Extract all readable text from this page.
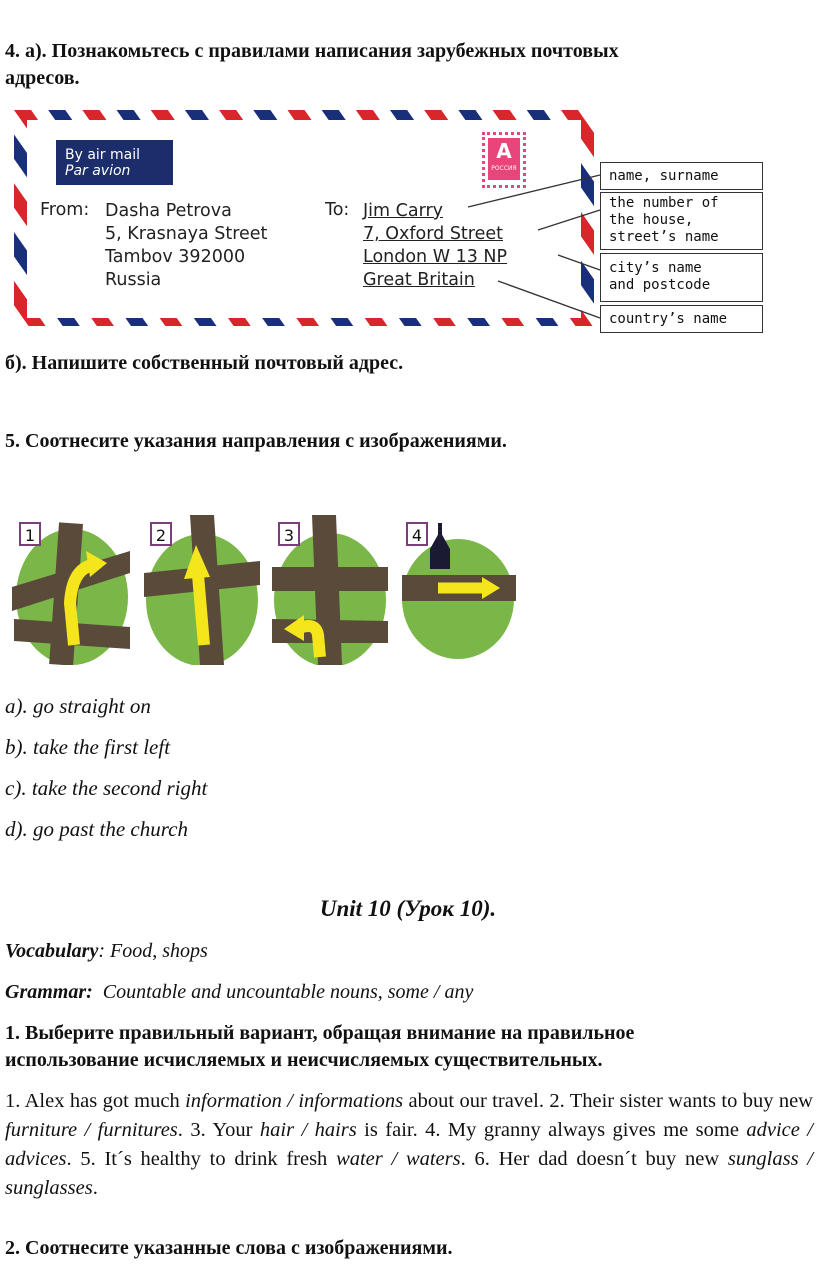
4. а). Познакомьтесь с правилами написания зарубежных почтовых
адресов.
By air mail
Par avion
A
РОССИЯ
From: Dasha Petrova
5, Krasnaya Street
Tambov 392000
Russia
To: Jim Carry
7, Oxford Street
London W 13 NP
Great Britain
name, surname
the number of
the house,
street’s name
city’s name
and postcode
country’s name
б). Напишите собственный почтовый адрес.
5. Соотнесите указания направления с изображениями.
1	2	3	4
a). go straight on
b). take the first left
c). take the second right
d). go past the church
Unit 10 (Урок 10).
Vocabulary: Food, shops
Grammar: Countable and uncountable nouns, some / any
1. Выберите правильный вариант, обращая внимание на правильное
использование исчисляемых и неисчисляемых существительных.
1. Alex has got much information / informations about our travel. 2. Their sister wants to buy new furniture / furnitures. 3. Your hair / hairs is fair. 4. My granny always gives me some advice / advices. 5. It´s healthy to drink fresh water / waters. 6. Her dad doesn´t buy new sunglass / sunglasses.
2. Соотнесите указанные слова с изображениями.
